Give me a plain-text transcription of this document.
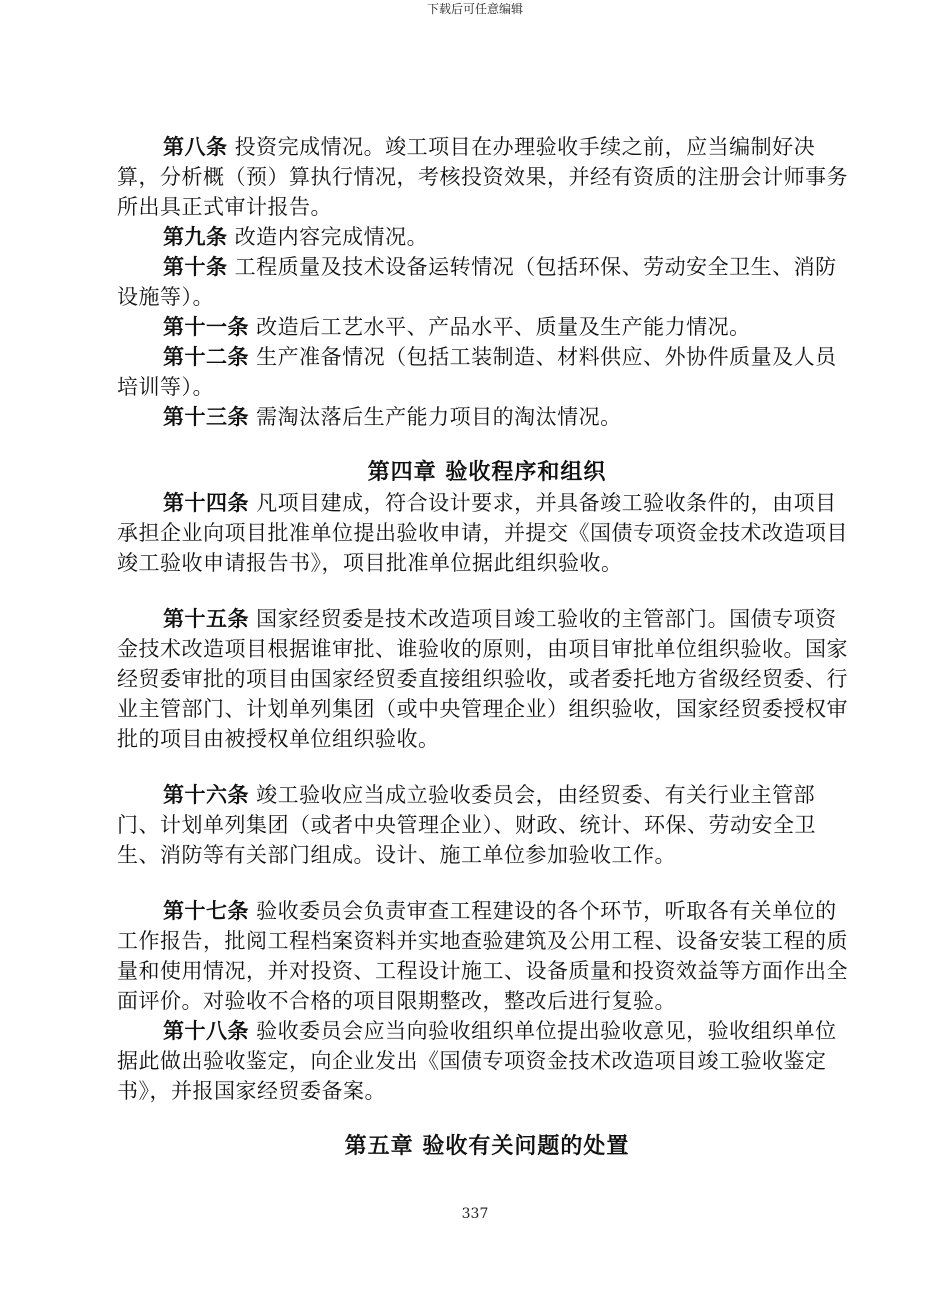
下载后可任意编辑

第八条 投资完成情况。竣工项目在办理验收手续之前，应当编制好决算，分析概（预）算执行情况，考核投资效果，并经有资质的注册会计师事务所出具正式审计报告。

第九条 改造内容完成情况。

第十条 工程质量及技术设备运转情况（包括环保、劳动安全卫生、消防设施等）。

第十一条 改造后工艺水平、产品水平、质量及生产能力情况。

第十二条 生产准备情况（包括工装制造、材料供应、外协件质量及人员培训等）。

第十三条 需淘汰落后生产能力项目的淘汰情况。

第四章 验收程序和组织

第十四条 凡项目建成，符合设计要求，并具备竣工验收条件的，由项目承担企业向项目批准单位提出验收申请，并提交《国债专项资金技术改造项目竣工验收申请报告书》，项目批准单位据此组织验收。

第十五条 国家经贸委是技术改造项目竣工验收的主管部门。国债专项资金技术改造项目根据谁审批、谁验收的原则，由项目审批单位组织验收。国家经贸委审批的项目由国家经贸委直接组织验收，或者委托地方省级经贸委、行业主管部门、计划单列集团（或中央管理企业）组织验收，国家经贸委授权审批的项目由被授权单位组织验收。

第十六条 竣工验收应当成立验收委员会，由经贸委、有关行业主管部门、计划单列集团（或者中央管理企业）、财政、统计、环保、劳动安全卫生、消防等有关部门组成。设计、施工单位参加验收工作。

第十七条 验收委员会负责审查工程建设的各个环节，听取各有关单位的工作报告，批阅工程档案资料并实地查验建筑及公用工程、设备安装工程的质量和使用情况，并对投资、工程设计施工、设备质量和投资效益等方面作出全面评价。对验收不合格的项目限期整改，整改后进行复验。

第十八条 验收委员会应当向验收组织单位提出验收意见，验收组织单位据此做出验收鉴定，向企业发出《国债专项资金技术改造项目竣工验收鉴定书》，并报国家经贸委备案。

第五章 验收有关问题的处置
337
